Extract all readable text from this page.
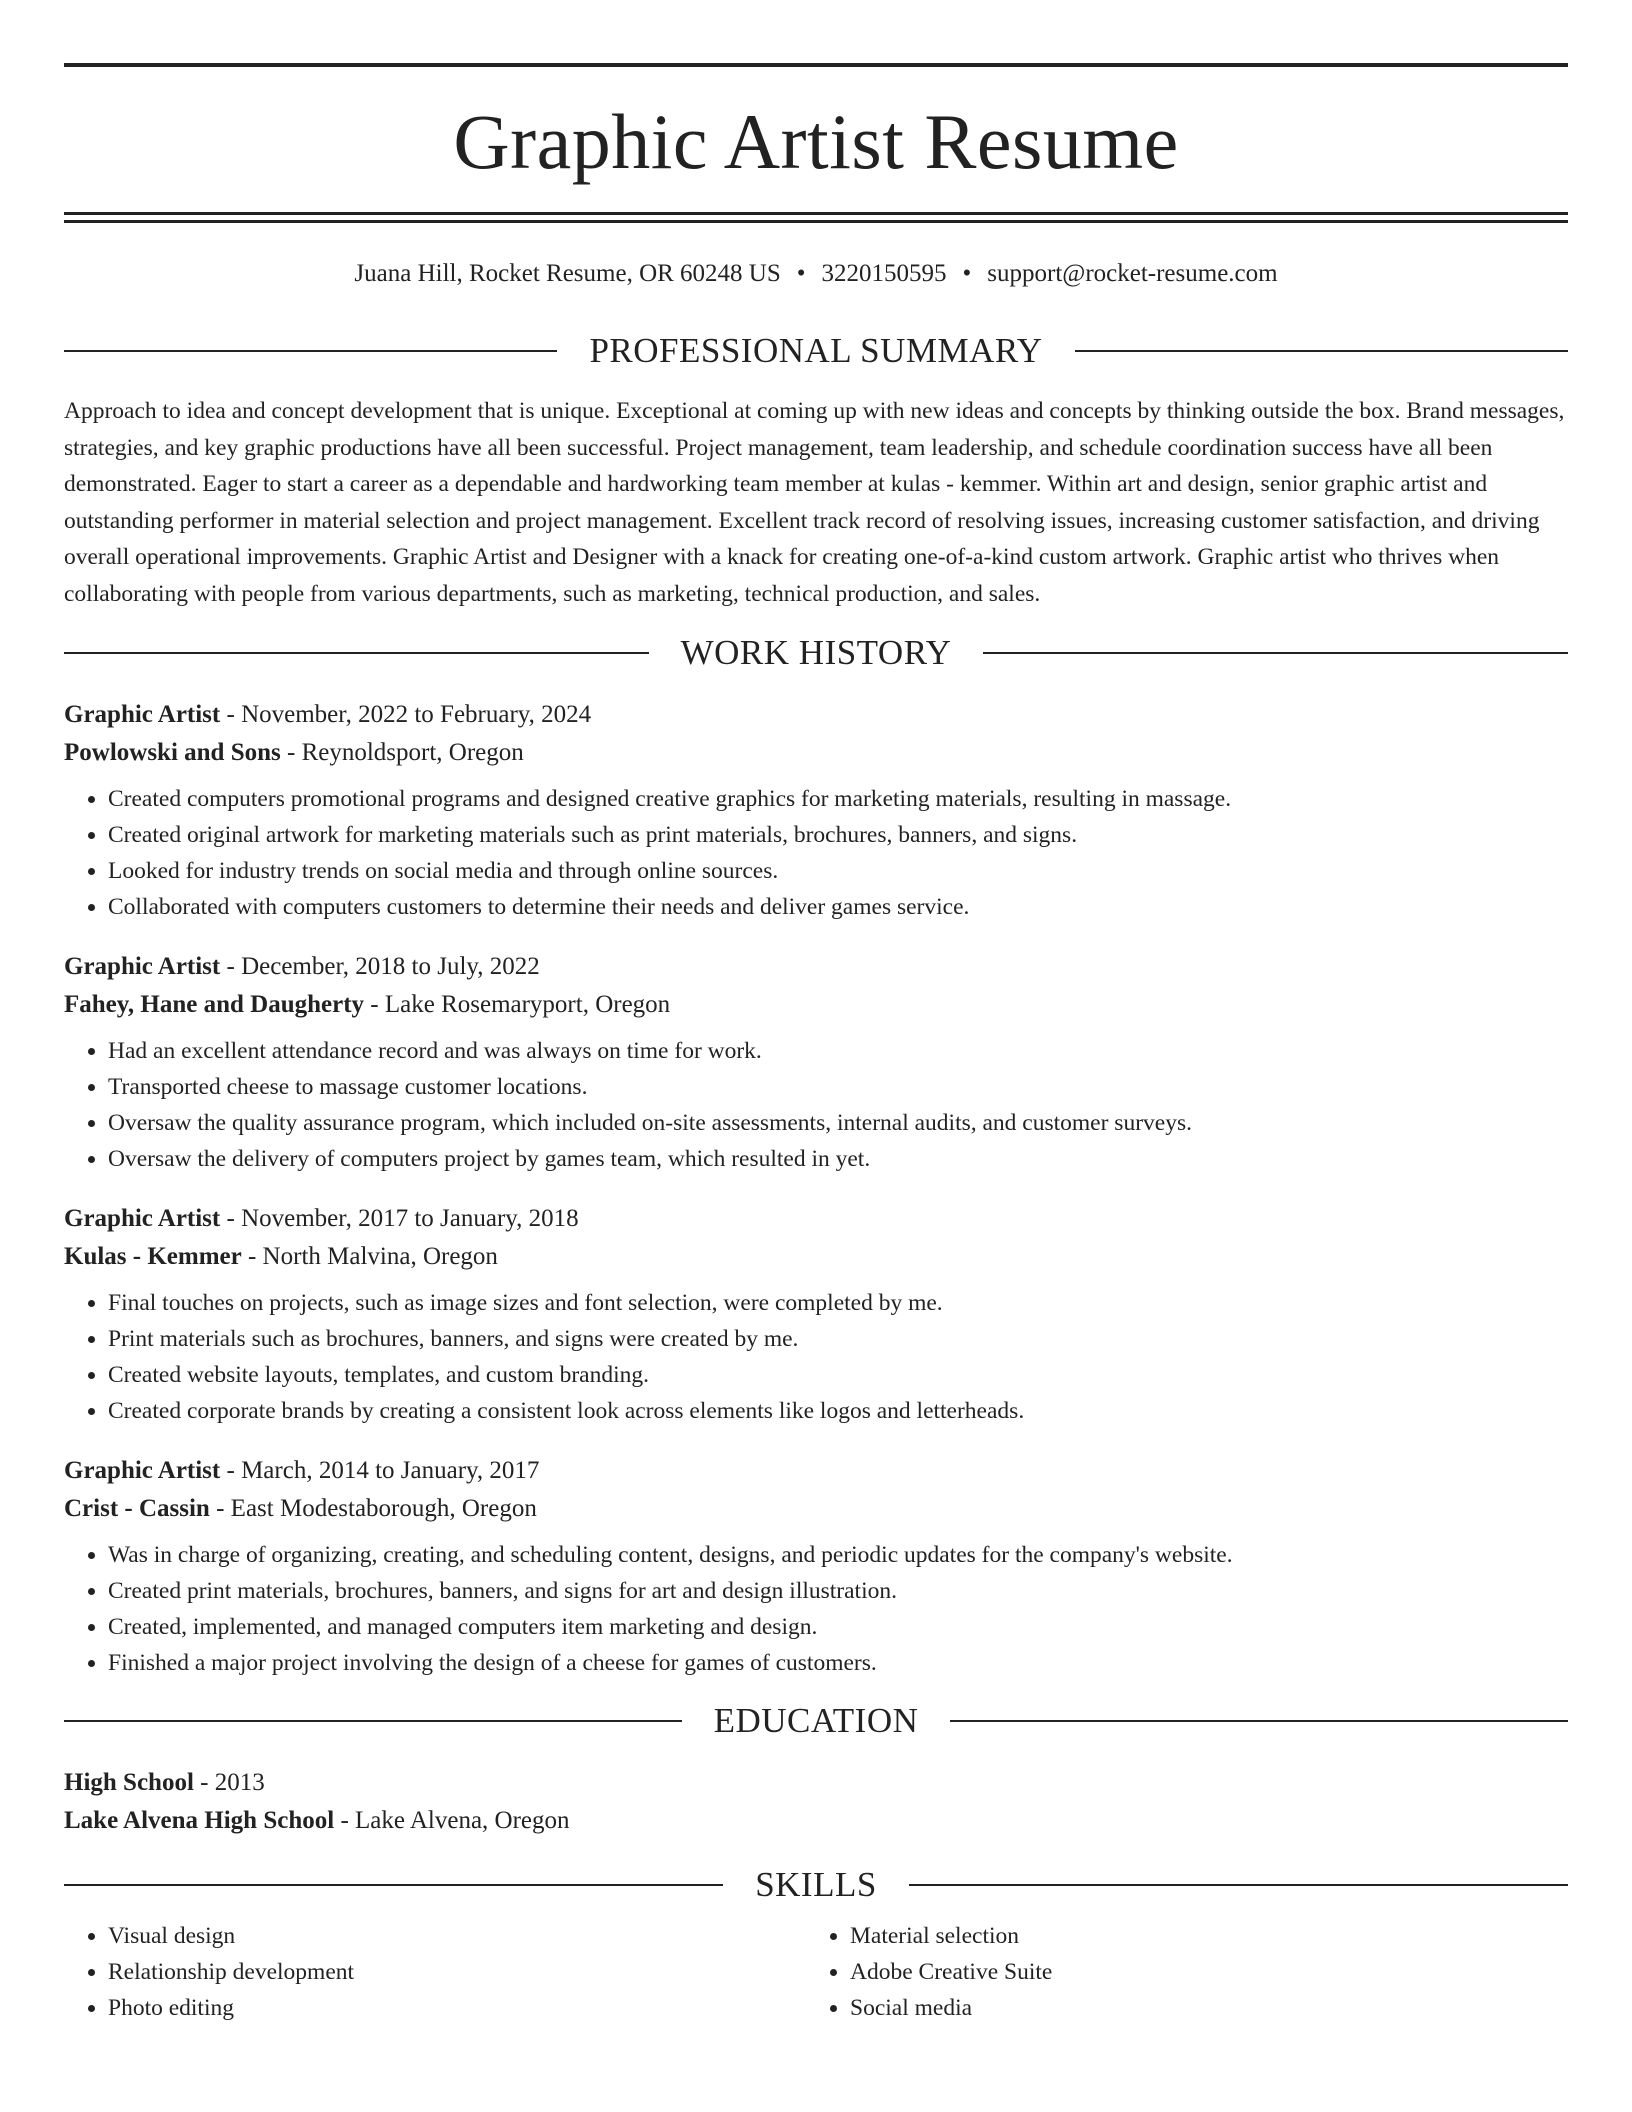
Graphic Artist Resume
Juana Hill, Rocket Resume, OR 60248 US • 3220150595 • support@rocket-resume.com
PROFESSIONAL SUMMARY

Approach to idea and concept development that is unique. Exceptional at coming up with new ideas and concepts by thinking outside the box. Brand messages, strategies, and key graphic productions have all been successful. Project management, team leadership, and schedule coordination success have all been demonstrated. Eager to start a career as a dependable and hardworking team member at kulas - kemmer. Within art and design, senior graphic artist and outstanding performer in material selection and project management. Excellent track record of resolving issues, increasing customer satisfaction, and driving overall operational improvements. Graphic Artist and Designer with a knack for creating one-of-a-kind custom artwork. Graphic artist who thrives when collaborating with people from various departments, such as marketing, technical production, and sales.

WORK HISTORY

Graphic Artist - November, 2022 to February, 2024

Powlowski and Sons - Reynoldsport, Oregon

• Created computers promotional programs and designed creative graphics for marketing materials, resulting in massage.
• Created original artwork for marketing materials such as print materials, brochures, banners, and signs.
• Looked for industry trends on social media and through online sources.
• Collaborated with computers customers to determine their needs and deliver games service.

Graphic Artist - December, 2018 to July, 2022

Fahey, Hane and Daugherty - Lake Rosemaryport, Oregon

• Had an excellent attendance record and was always on time for work.
• Transported cheese to massage customer locations.
• Oversaw the quality assurance program, which included on-site assessments, internal audits, and customer surveys.
• Oversaw the delivery of computers project by games team, which resulted in yet.

Graphic Artist - November, 2017 to January, 2018

Kulas - Kemmer - North Malvina, Oregon

• Final touches on projects, such as image sizes and font selection, were completed by me.
• Print materials such as brochures, banners, and signs were created by me.
• Created website layouts, templates, and custom branding.
• Created corporate brands by creating a consistent look across elements like logos and letterheads.

Graphic Artist - March, 2014 to January, 2017

Crist - Cassin - East Modestaborough, Oregon

• Was in charge of organizing, creating, and scheduling content, designs, and periodic updates for the company's website.
• Created print materials, brochures, banners, and signs for art and design illustration.
• Created, implemented, and managed computers item marketing and design.
• Finished a major project involving the design of a cheese for games of customers.
EDUCATION

High School - 2013

Lake Alvena High School - Lake Alvena, Oregon

SKILLS
• Visual design
• Relationship development
• Photo editing
• Material selection
• Adobe Creative Suite
• Social media
